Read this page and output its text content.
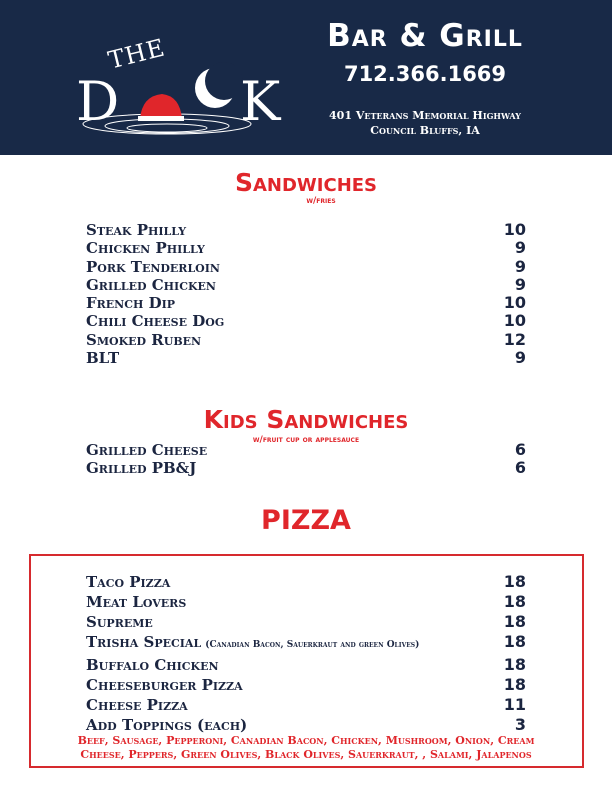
THE
D K
Bar & Grill
712.366.1669
401 Veterans Memorial Highway
Council Bluffs, IA
Sandwiches
w/fries
Steak Philly	10
Chicken Philly	9
Pork Tenderloin	9
Grilled Chicken	9
French Dip	10
Chili Cheese Dog	10
Smoked Ruben	12
BLT	9
Kids Sandwiches
w/fruit cup or applesauce
Grilled Cheese	6
Grilled PB&J	6
PIZZA
Taco Pizza	18
Meat Lovers	18
Supreme	18
Trisha Special (Canadian Bacon, Sauerkraut and green Olives)	18
Buffalo Chicken	18
Cheeseburger Pizza	18
Cheese Pizza	11
Add Toppings (each)	3
Beef, Sausage, Pepperoni, Canadian Bacon, Chicken, Mushroom, Onion, Cream
Cheese, Peppers, Green Olives, Black Olives, Sauerkraut, , Salami, Jalapenos
